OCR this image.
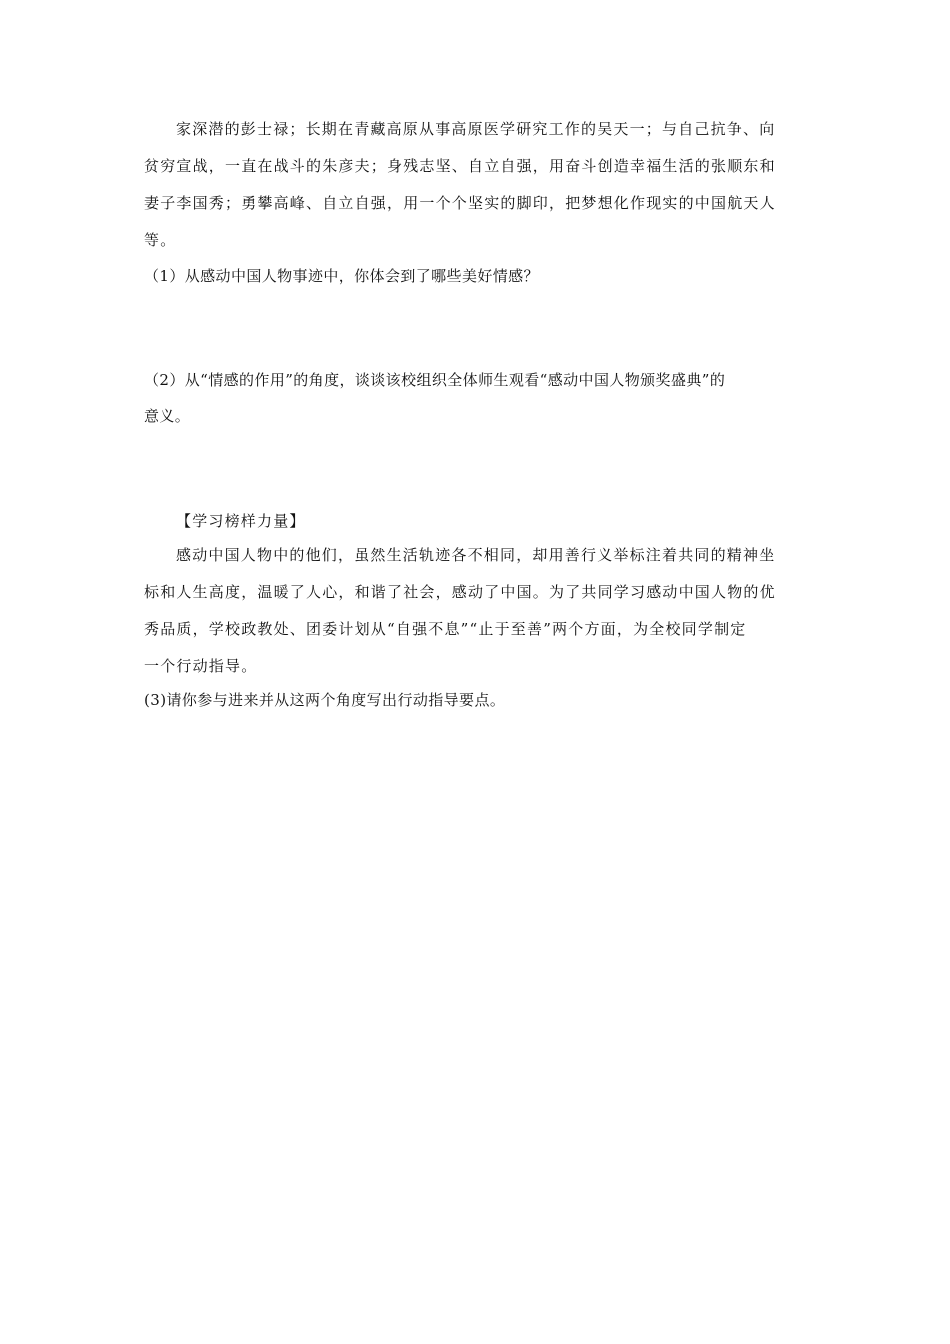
家深潜的彭士禄；长期在青藏高原从事高原医学研究工作的吴天一；与自己抗争、向
贫穷宣战，一直在战斗的朱彦夫；身残志坚、自立自强，用奋斗创造幸福生活的张顺东和
妻子李国秀；勇攀高峰、自立自强，用一个个坚实的脚印，把梦想化作现实的中国航天人
等。
（1）从感动中国人物事迹中，你体会到了哪些美好情感？
（2）从“情感的作用”的角度，谈谈该校组织全体师生观看“感动中国人物颁奖盛典”的
意义。
【学习榜样力量】
感动中国人物中的他们，虽然生活轨迹各不相同，却用善行义举标注着共同的精神坐
标和人生高度，温暖了人心，和谐了社会，感动了中国。为了共同学习感动中国人物的优
秀品质，学校政教处、团委计划从“自强不息”“止于至善”两个方面，为全校同学制定
一个行动指导。
(3)请你参与进来并从这两个角度写出行动指导要点。
